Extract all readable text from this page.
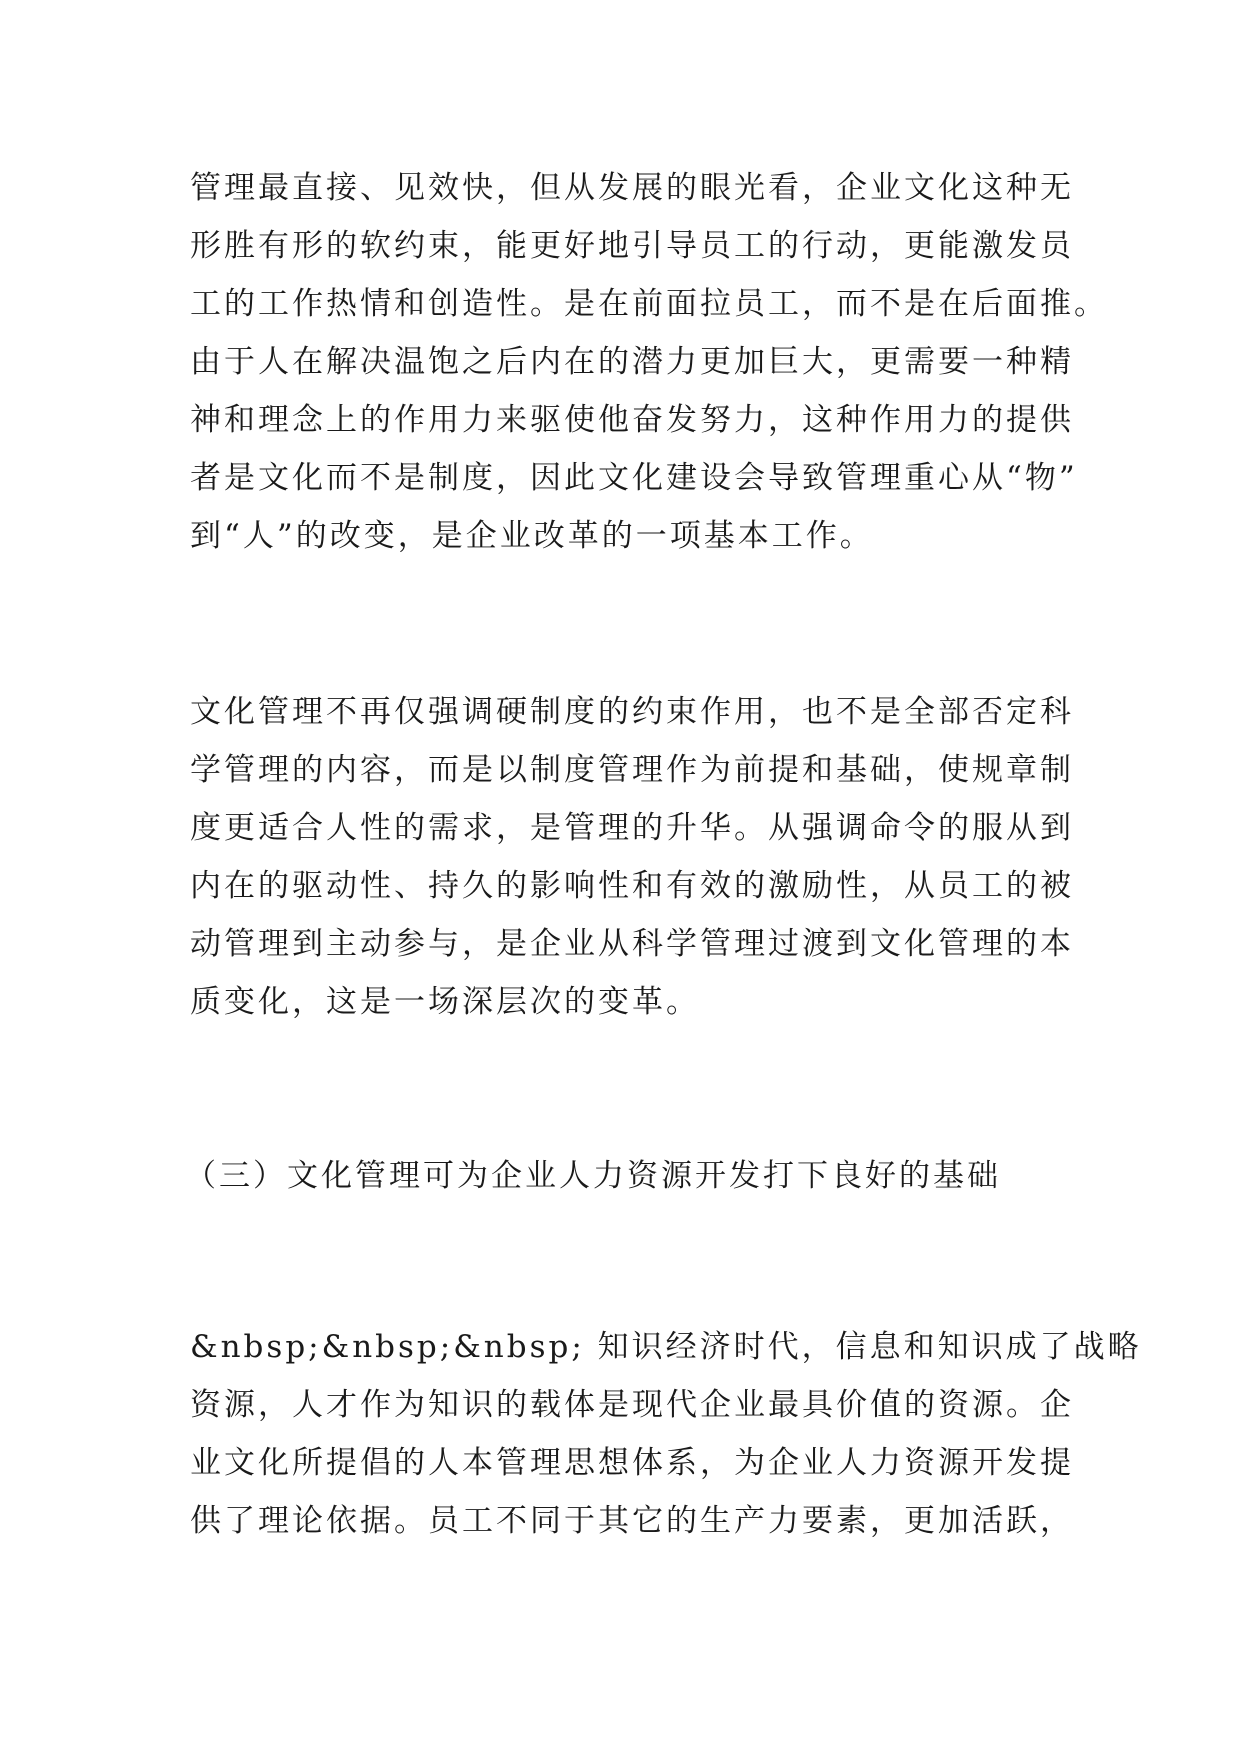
管理最直接、见效快，但从发展的眼光看，企业文化这种无
形胜有形的软约束，能更好地引导员工的行动，更能激发员
工的工作热情和创造性。是在前面拉员工，而不是在后面推。
由于人在解决温饱之后内在的潜力更加巨大，更需要一种精
神和理念上的作用力来驱使他奋发努力，这种作用力的提供
者是文化而不是制度，因此文化建设会导致管理重心从“物”
到“人”的改变，是企业改革的一项基本工作。
文化管理不再仅强调硬制度的约束作用，也不是全部否定科
学管理的内容，而是以制度管理作为前提和基础，使规章制
度更适合人性的需求，是管理的升华。从强调命令的服从到
内在的驱动性、持久的影响性和有效的激励性，从员工的被
动管理到主动参与，是企业从科学管理过渡到文化管理的本
质变化，这是一场深层次的变革。
（三）文化管理可为企业人力资源开发打下良好的基础
&nbsp;&nbsp;&nbsp; 知识经济时代，信息和知识成了战略
资源，人才作为知识的载体是现代企业最具价值的资源。企
业文化所提倡的人本管理思想体系，为企业人力资源开发提
供了理论依据。员工不同于其它的生产力要素，更加活跃，
